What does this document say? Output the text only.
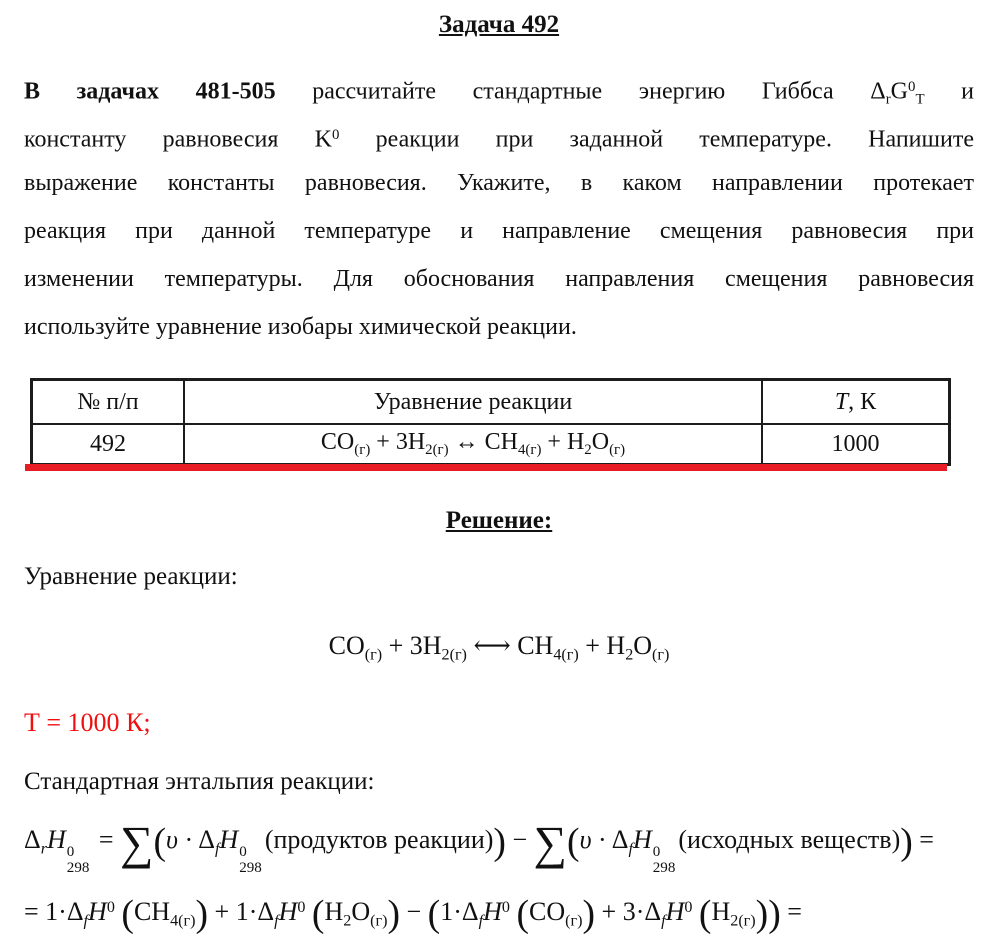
Задача 492
В задачах 481-505 рассчитайте стандартные энергию Гиббса $\Delta_rG^0_Т$ и
константу равновесия $K^0$ реакции при заданной температуре. Напишите
выражение константы равновесия. Укажите, в каком направлении протекает
реакция при данной температуре и направление смещения равновесия при
изменении температуры. Для обоснования направления смещения равновесия
используйте уравнение изобары химической реакции.
№ п/п	Уравнение реакции	T, К
492	$CO_{(г)} + 3H_{2(г)}$ ↔ $CH_{4(г)} + H_2O_{(г)}$	1000
Решение:
Уравнение реакции:
$CO_{(г)} + 3H_{2(г)}$ ⟷ $CH_{4(г)} + H_2O_{(г)}$
Т = 1000 К;
Стандартная энтальпия реакции:
$\Delta_rH$ 0
298
= $\sum(\upsilon \cdot \Delta_fH$ 0
298
(продуктов реакции)) − $\sum(\upsilon \cdot \Delta_fH$ 0
298
(исходных веществ)) =
= $1\cdot\Delta_fH^0$ $(CH_{4(г)}) + 1\cdot\Delta_fH^0$ $(H_2O_{(г)}) - (1\cdot\Delta_fH^0$ $(CO_{(г)}) + 3\cdot\Delta_fH^0$ $(H_{2(г)})$) =
